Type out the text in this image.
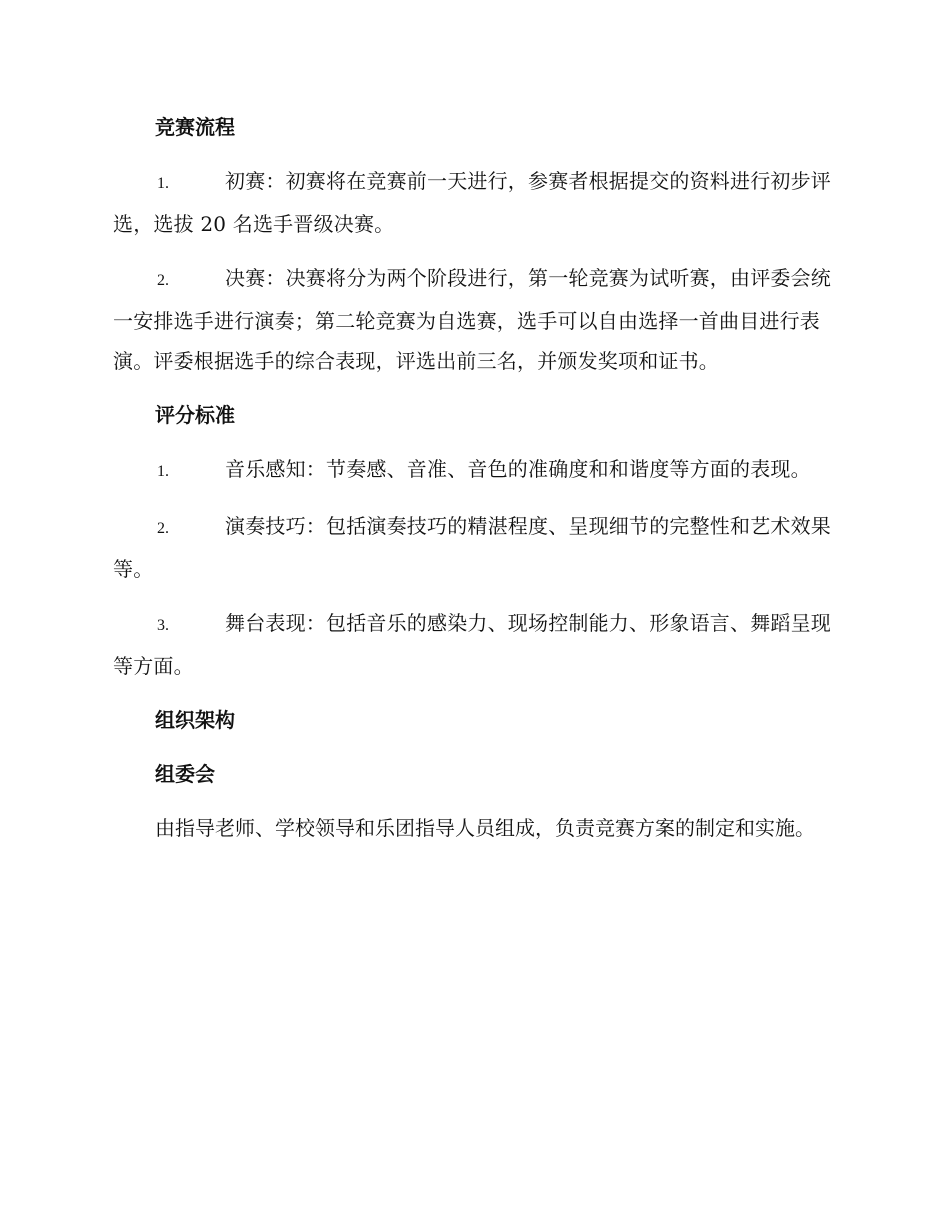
竞赛流程
1.	初赛：初赛将在竞赛前一天进行，参赛者根据提交的资料进行初步评选，选拔 20 名选手晋级决赛。
2.	决赛：决赛将分为两个阶段进行，第一轮竞赛为试听赛，由评委会统一安排选手进行演奏；第二轮竞赛为自选赛，选手可以自由选择一首曲目进行表演。评委根据选手的综合表现，评选出前三名，并颁发奖项和证书。
评分标准
1.	音乐感知：节奏感、音准、音色的准确度和和谐度等方面的表现。
2.	演奏技巧：包括演奏技巧的精湛程度、呈现细节的完整性和艺术效果等。
3.	舞台表现：包括音乐的感染力、现场控制能力、形象语言、舞蹈呈现等方面。
组织架构
组委会
由指导老师、学校领导和乐团指导人员组成，负责竞赛方案的制定和实施。
